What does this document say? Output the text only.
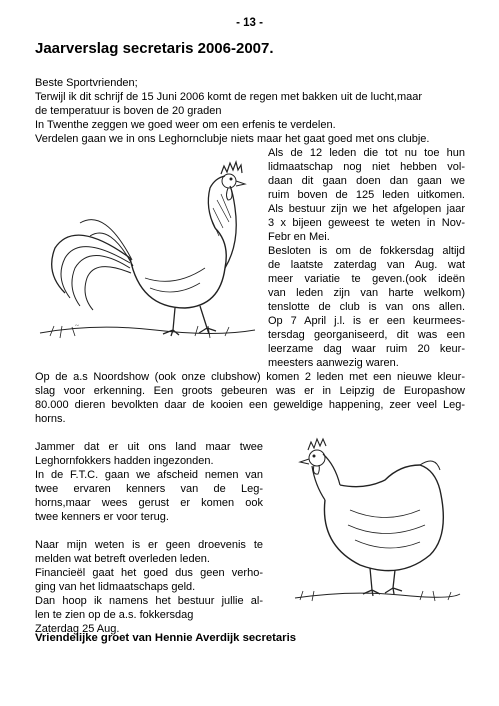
- 13 -
Jaarverslag secretaris 2006-2007.
Beste Sportvrienden;
Terwijl ik dit schrijf de 15 Juni 2006 komt de regen met bakken uit de lucht,maar
de temperatuur is boven de 20 graden
In Twenthe zeggen we goed weer om een erfenis te verdelen.
Verdelen gaan we in ons Leghornclubje niets maar het gaat goed met ons clubje.
Als de 12 leden die tot nu toe hun
lidmaatschap nog niet hebben vol-
daan dit gaan doen dan gaan we
ruim boven de 125 leden uitkomen.
Als bestuur zijn we het afgelopen jaar
3 x bijeen geweest te weten in Nov-
Febr en Mei.
Besloten is om de fokkersdag altijd
de laatste zaterdag van Aug. wat
meer variatie te geven.(ook ideën
van leden zijn van harte welkom)
tenslotte de club is van ons allen.
Op 7 April j.l. is er een keurmees-
tersdag georganiseerd, dit was een
leerzame dag waar ruim 20 keur-
meesters aanwezig waren.
Op de a.s Noordshow (ook onze clubshow) komen 2 leden met een nieuwe kleur-
slag voor erkenning. Een groots gebeuren was er in Leipzig de Europashow
80.000 dieren bevolkten daar de kooien een geweldige happening, zeer veel Leg-
horns.
Jammer dat er uit ons land maar twee
Leghornfokkers hadden ingezonden.
In de F.T.C. gaan we afscheid nemen van
twee ervaren kenners van de Leg-
horns,maar wees gerust er komen ook
twee kenners er voor terug.
Naar mijn weten is er geen droevenis te
melden wat betreft overleden leden.
Financieël gaat het goed dus geen verho-
ging van het lidmaatschaps geld.
Dan hoop ik namens het bestuur jullie al-
len te zien op de a.s. fokkersdag
Zaterdag 25 Aug.
Vriendelijke groet van Hennie Averdijk secretaris
~
